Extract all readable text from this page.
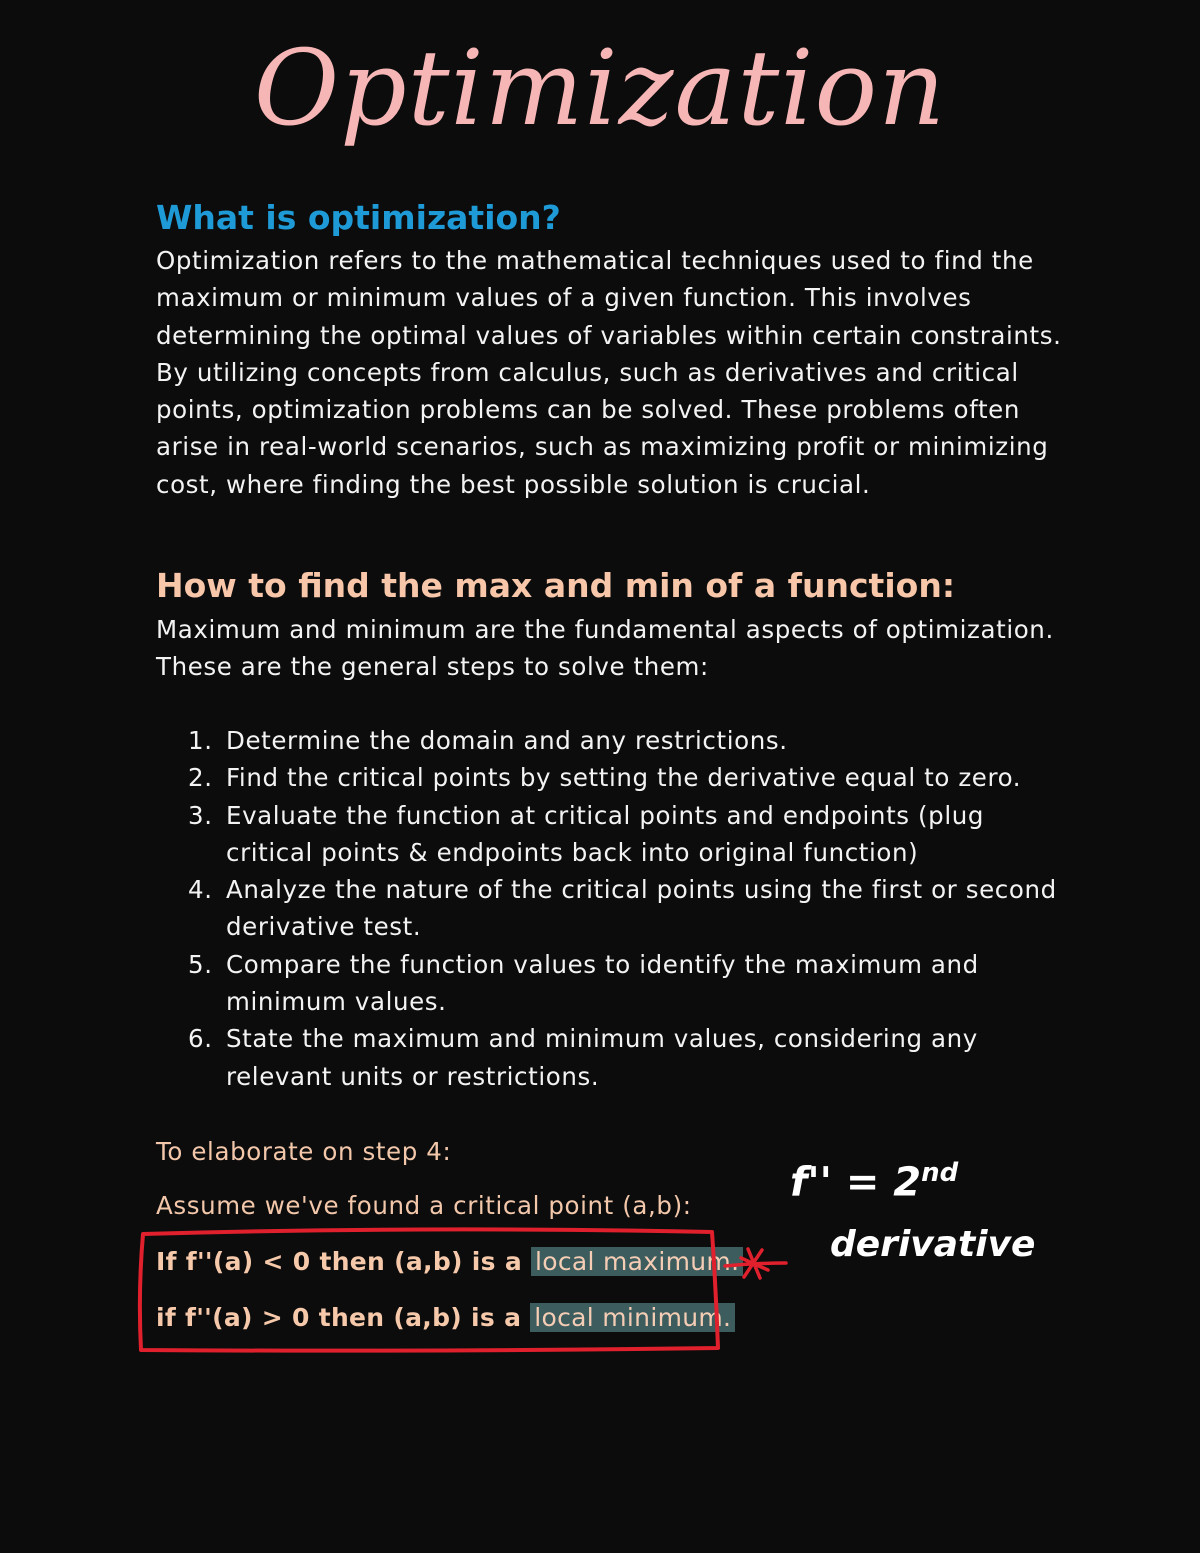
Optimization
What is optimization?
Optimization refers to the mathematical techniques used to find the maximum or minimum values of a given function. This involves determining the optimal values of variables within certain constraints. By utilizing concepts from calculus, such as derivatives and critical points, optimization problems can be solved. These problems often arise in real-world scenarios, such as maximizing profit or minimizing cost, where finding the best possible solution is crucial.
How to find the max and min of a function:
Maximum and minimum are the fundamental aspects of optimization. These are the general steps to solve them:
1. Determine the domain and any restrictions.
2. Find the critical points by setting the derivative equal to zero.
3. Evaluate the function at critical points and endpoints (plug critical points & endpoints back into original function)
4. Analyze the nature of the critical points using the first or second derivative test.
5. Compare the function values to identify the maximum and minimum values.
6. State the maximum and minimum values, considering any relevant units or restrictions.
To elaborate on step 4:
Assume we've found a critical point (a,b):
If f''(a) < 0 then (a,b) is a local maximum.
if f''(a) > 0 then (a,b) is a local minimum.
f'' = 2nd
derivative
